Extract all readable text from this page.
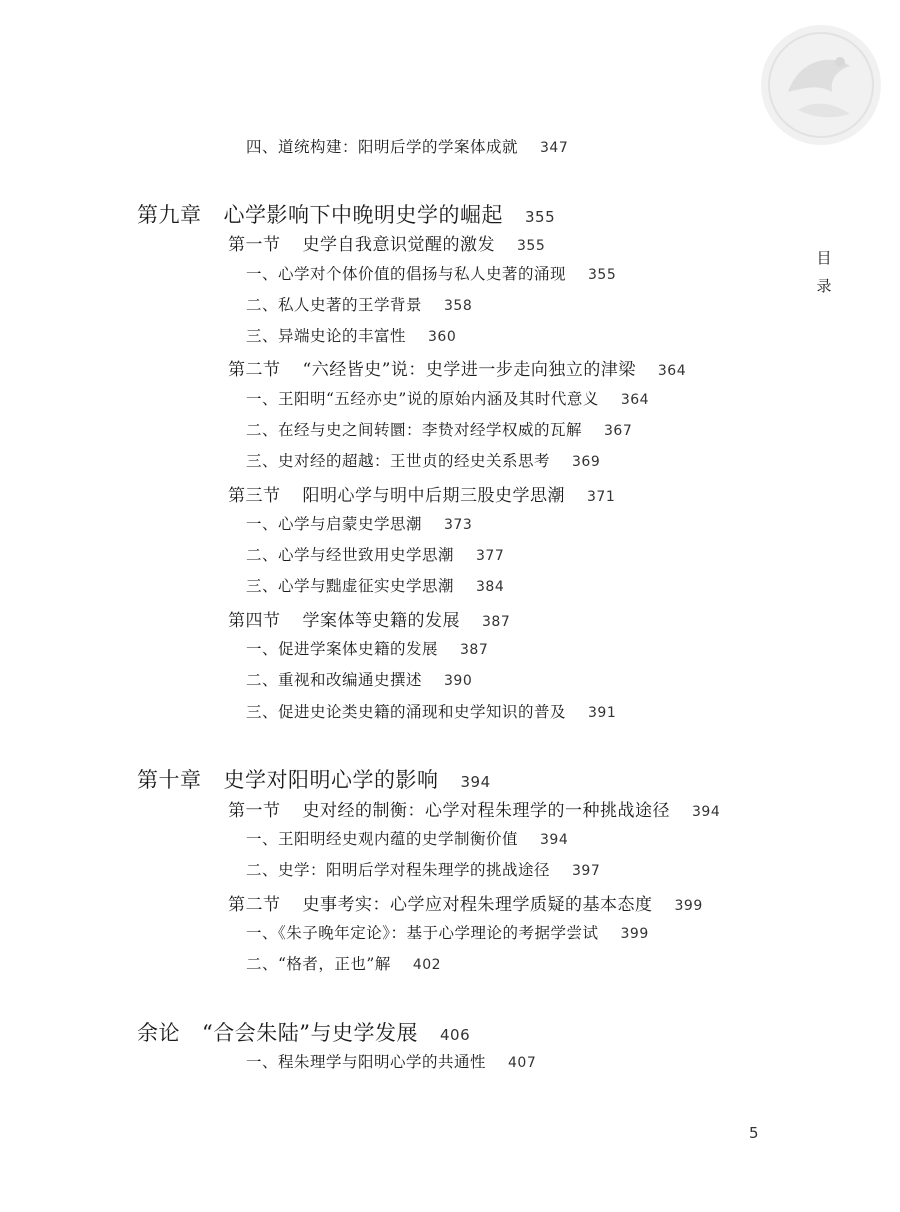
目录
四、道统构建：阳明后学的学案体成就 347
第九章 心学影响下中晚明史学的崛起 355
第一节 史学自我意识觉醒的激发 355
一、心学对个体价值的倡扬与私人史著的涌现 355
二、私人史著的王学背景 358
三、异端史论的丰富性 360
第二节 “六经皆史”说：史学进一步走向独立的津梁 364
一、王阳明“五经亦史”说的原始内涵及其时代意义 364
二、在经与史之间转圜：李贽对经学权威的瓦解 367
三、史对经的超越：王世贞的经史关系思考 369
第三节 阳明心学与明中后期三股史学思潮 371
一、心学与启蒙史学思潮 373
二、心学与经世致用史学思潮 377
三、心学与黜虚征实史学思潮 384
第四节 学案体等史籍的发展 387
一、促进学案体史籍的发展 387
二、重视和改编通史撰述 390
三、促进史论类史籍的涌现和史学知识的普及 391
第十章 史学对阳明心学的影响 394
第一节 史对经的制衡：心学对程朱理学的一种挑战途径 394
一、王阳明经史观内蕴的史学制衡价值 394
二、史学：阳明后学对程朱理学的挑战途径 397
第二节 史事考实：心学应对程朱理学质疑的基本态度 399
一、《朱子晚年定论》：基于心学理论的考据学尝试 399
二、“格者，正也”解 402
余论 “合会朱陆”与史学发展 406
一、程朱理学与阳明心学的共通性 407
5
